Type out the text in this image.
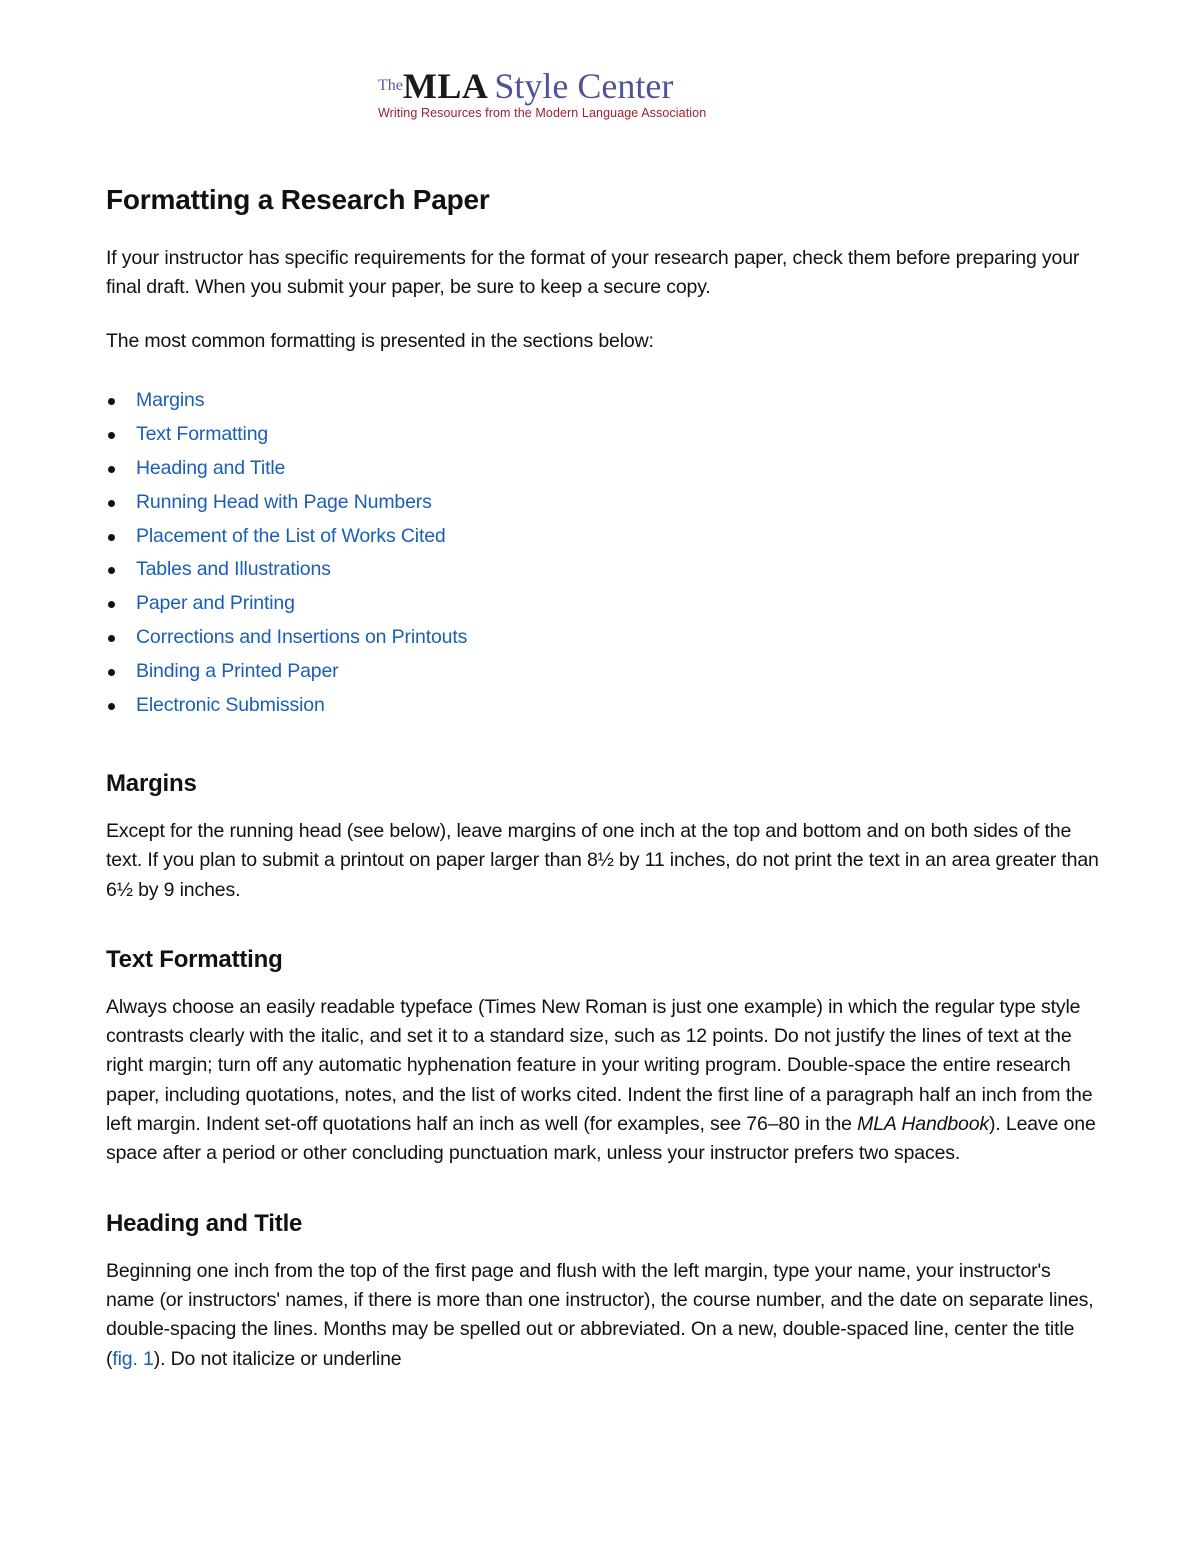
TheMLA Style Center
Writing Resources from the Modern Language Association
Formatting a Research Paper

If your instructor has specific requirements for the format of your research paper, check them before preparing your final draft. When you submit your paper, be sure to keep a secure copy.

The most common formatting is presented in the sections below:

Margins
Text Formatting
Heading and Title
Running Head with Page Numbers
Placement of the List of Works Cited
Tables and Illustrations
Paper and Printing
Corrections and Insertions on Printouts
Binding a Printed Paper
Electronic Submission
Margins

Except for the running head (see below), leave margins of one inch at the top and bottom and on both sides of the text. If you plan to submit a printout on paper larger than 8½ by 11 inches, do not print the text in an area greater than 6½ by 9 inches.

Text Formatting

Always choose an easily readable typeface (Times New Roman is just one example) in which the regular type style contrasts clearly with the italic, and set it to a standard size, such as 12 points. Do not justify the lines of text at the right margin; turn off any automatic hyphenation feature in your writing program. Double-space the entire research paper, including quotations, notes, and the list of works cited. Indent the first line of a paragraph half an inch from the left margin. Indent set-off quotations half an inch as well (for examples, see 76–80 in the MLA Handbook). Leave one space after a period or other concluding punctuation mark, unless your instructor prefers two spaces.

Heading and Title

Beginning one inch from the top of the first page and flush with the left margin, type your name, your instructor's name (or instructors' names, if there is more than one instructor), the course number, and the date on separate lines, double-spacing the lines. Months may be spelled out or abbreviated. On a new, double-spaced line, center the title (fig. 1). Do not italicize or underline
